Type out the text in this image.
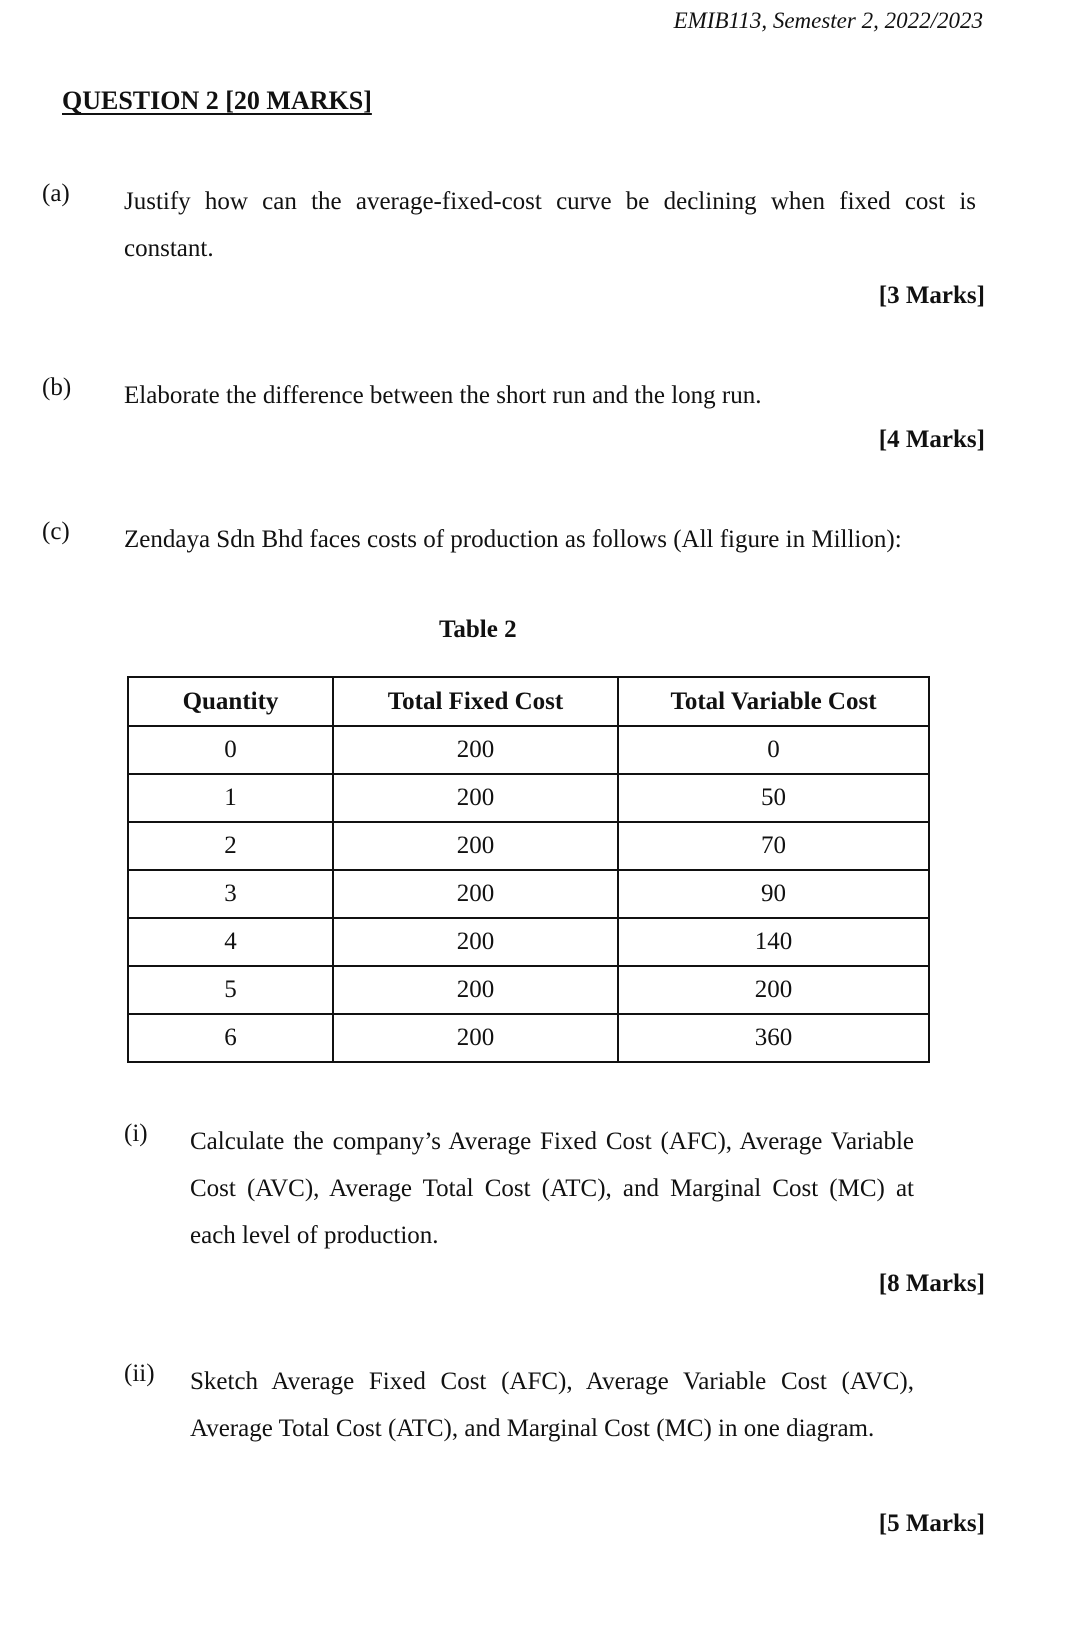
EMIB113, Semester 2, 2022/2023
QUESTION 2 [20 MARKS]
(a) Justify how can the average-fixed-cost curve be declining when fixed cost is constant.
[3 Marks]
(b) Elaborate the difference between the short run and the long run.
[4 Marks]
(c) Zendaya Sdn Bhd faces costs of production as follows (All figure in Million):
Table 2
Quantity	Total Fixed Cost	Total Variable Cost
0	200	0
1	200	50
2	200	70
3	200	90
4	200	140
5	200	200
6	200	360
(i) Calculate the company’s Average Fixed Cost (AFC), Average Variable Cost (AVC), Average Total Cost (ATC), and Marginal Cost (MC) at each level of production.
[8 Marks]
(ii) Sketch Average Fixed Cost (AFC), Average Variable Cost (AVC), Average Total Cost (ATC), and Marginal Cost (MC) in one diagram.
[5 Marks]
